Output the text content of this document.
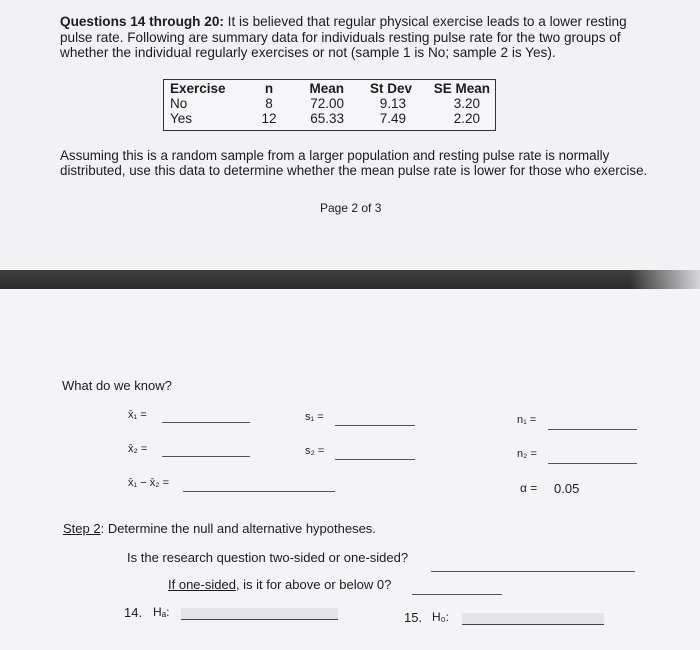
Questions 14 through 20: It is believed that regular physical exercise leads to a lower resting pulse rate. Following are summary data for individuals resting pulse rate for the two groups of whether the individual regularly exercises or not (sample 1 is No; sample 2 is Yes).
Exercise
No
Yes
n
8
12
Mean
72.00
65.33
St Dev
9.13
7.49
SE Mean
3.20
2.20
Assuming this is a random sample from a larger population and resting pulse rate is normally distributed, use this data to determine whether the mean pulse rate is lower for those who exercise.
Page 2 of 3
What do we know?
x̄₁ =
x̄₂ =
x̄₁ − x̄₂ =
s₁ =
s₂ =
n₁ =
n₂ =
α = 0.05
Step 2: Determine the null and alternative hypotheses.
Is the research question two-sided or one-sided?
If one-sided, is it for above or below 0?
14. Hₐ:	15. H₀:
